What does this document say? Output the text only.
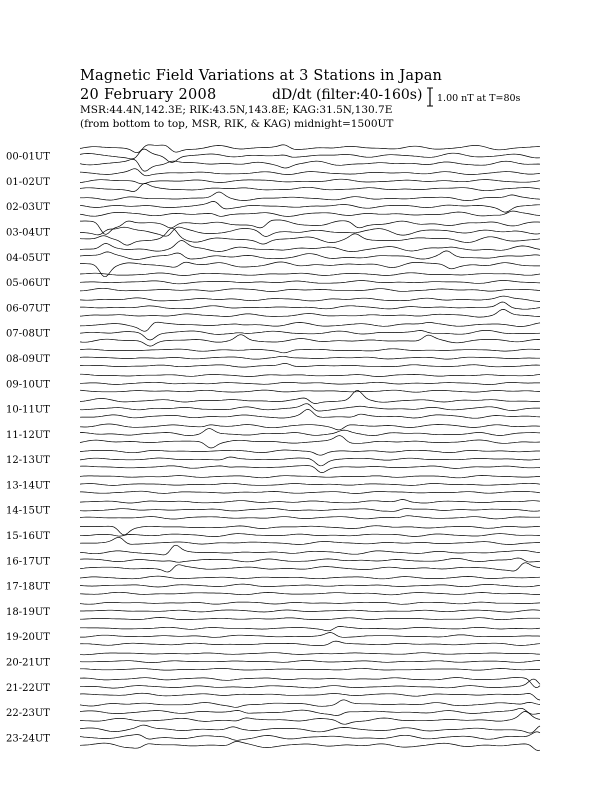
Magnetic Field Variations at 3 Stations in Japan
20 February 2008	dD/dt (filter:40-160s)
MSR:44.4N,142.3E; RIK:43.5N,143.8E; KAG:31.5N,130.7E
(from bottom to top, MSR, RIK, & KAG) midnight=1500UT
1.00 nT at T=80s
00-01UT
01-02UT
02-03UT
03-04UT
04-05UT
05-06UT
06-07UT
07-08UT
08-09UT
09-10UT
10-11UT
11-12UT
12-13UT
13-14UT
14-15UT
15-16UT
16-17UT
17-18UT
18-19UT
19-20UT
20-21UT
21-22UT
22-23UT
23-24UT
